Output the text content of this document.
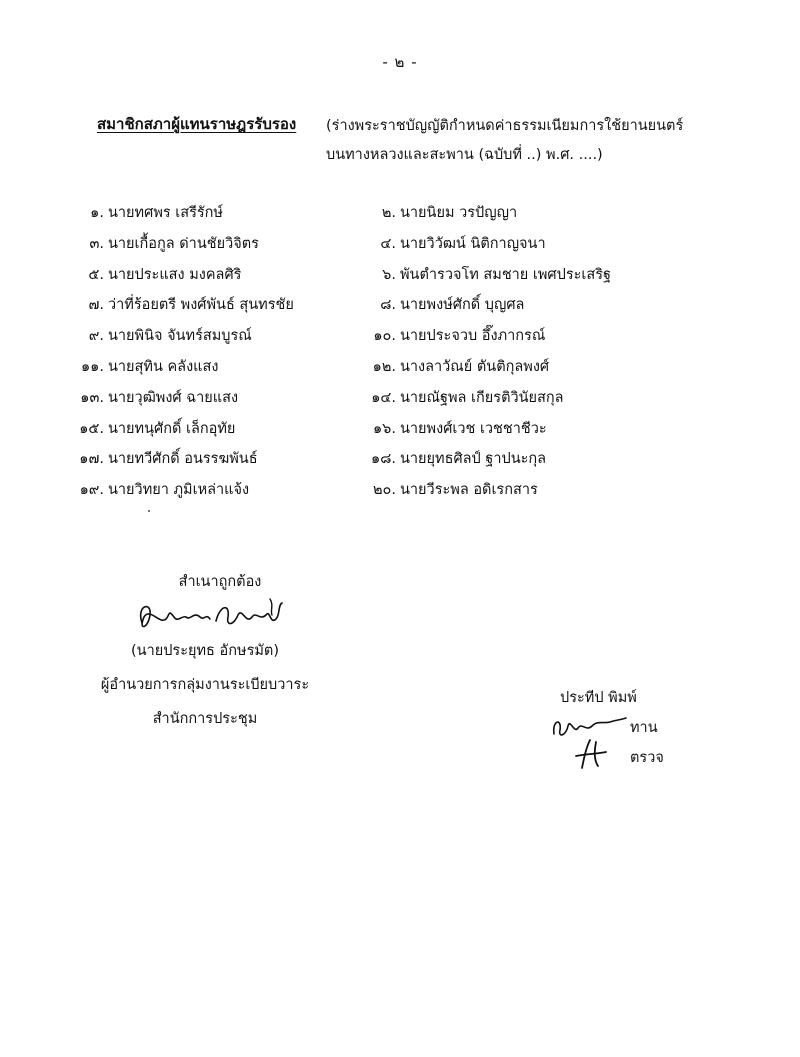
- ๒ -
สมาชิกสภาผู้แทนราษฎรรับรอง (ร่างพระราชบัญญัติกำหนดค่าธรรมเนียมการใช้ยานยนตร์
บนทางหลวงและสะพาน (ฉบับที่ ..) พ.ศ. ....)
๑. นายทศพร เสรีรักษ์	๒. นายนิยม วรปัญญา
๓. นายเกื้อกูล ด่านชัยวิจิตร	๔. นายวิวัฒน์ นิติกาญจนา
๕. นายประแสง มงคลศิริ	๖. พันตำรวจโท สมชาย เพศประเสริฐ
๗. ว่าที่ร้อยตรี พงศ์พันธ์ สุนทรชัย	๘. นายพงษ์ศักดิ์ บุญศล
๙. นายพินิจ จันทร์สมบูรณ์	๑๐. นายประจวบ อึ๊งภากรณ์
๑๑. นายสุทิน คลังแสง	๑๒. นางลาวัณย์ ตันติกุลพงศ์
๑๓. นายวุฒิพงศ์ ฉายแสง	๑๔. นายณัฐพล เกียรติวินัยสกุล
๑๕. นายทนุศักดิ์ เล็กอุทัย	๑๖. นายพงศ์เวช เวชชาชีวะ
๑๗. นายทวีศักดิ์ อนรรฆพันธ์	๑๘. นายยุทธศิลป์ ฐาปนะกุล
๑๙. นายวิทยา ภูมิเหล่าแจ้ง	๒๐. นายวีระพล อดิเรกสาร
สำเนาถูกต้อง
(นายประยุทธ อักษรมัต)
ผู้อำนวยการกลุ่มงานระเบียบวาระ
สำนักการประชุม
ประทีป พิมพ์
ทาน
ตรวจ
